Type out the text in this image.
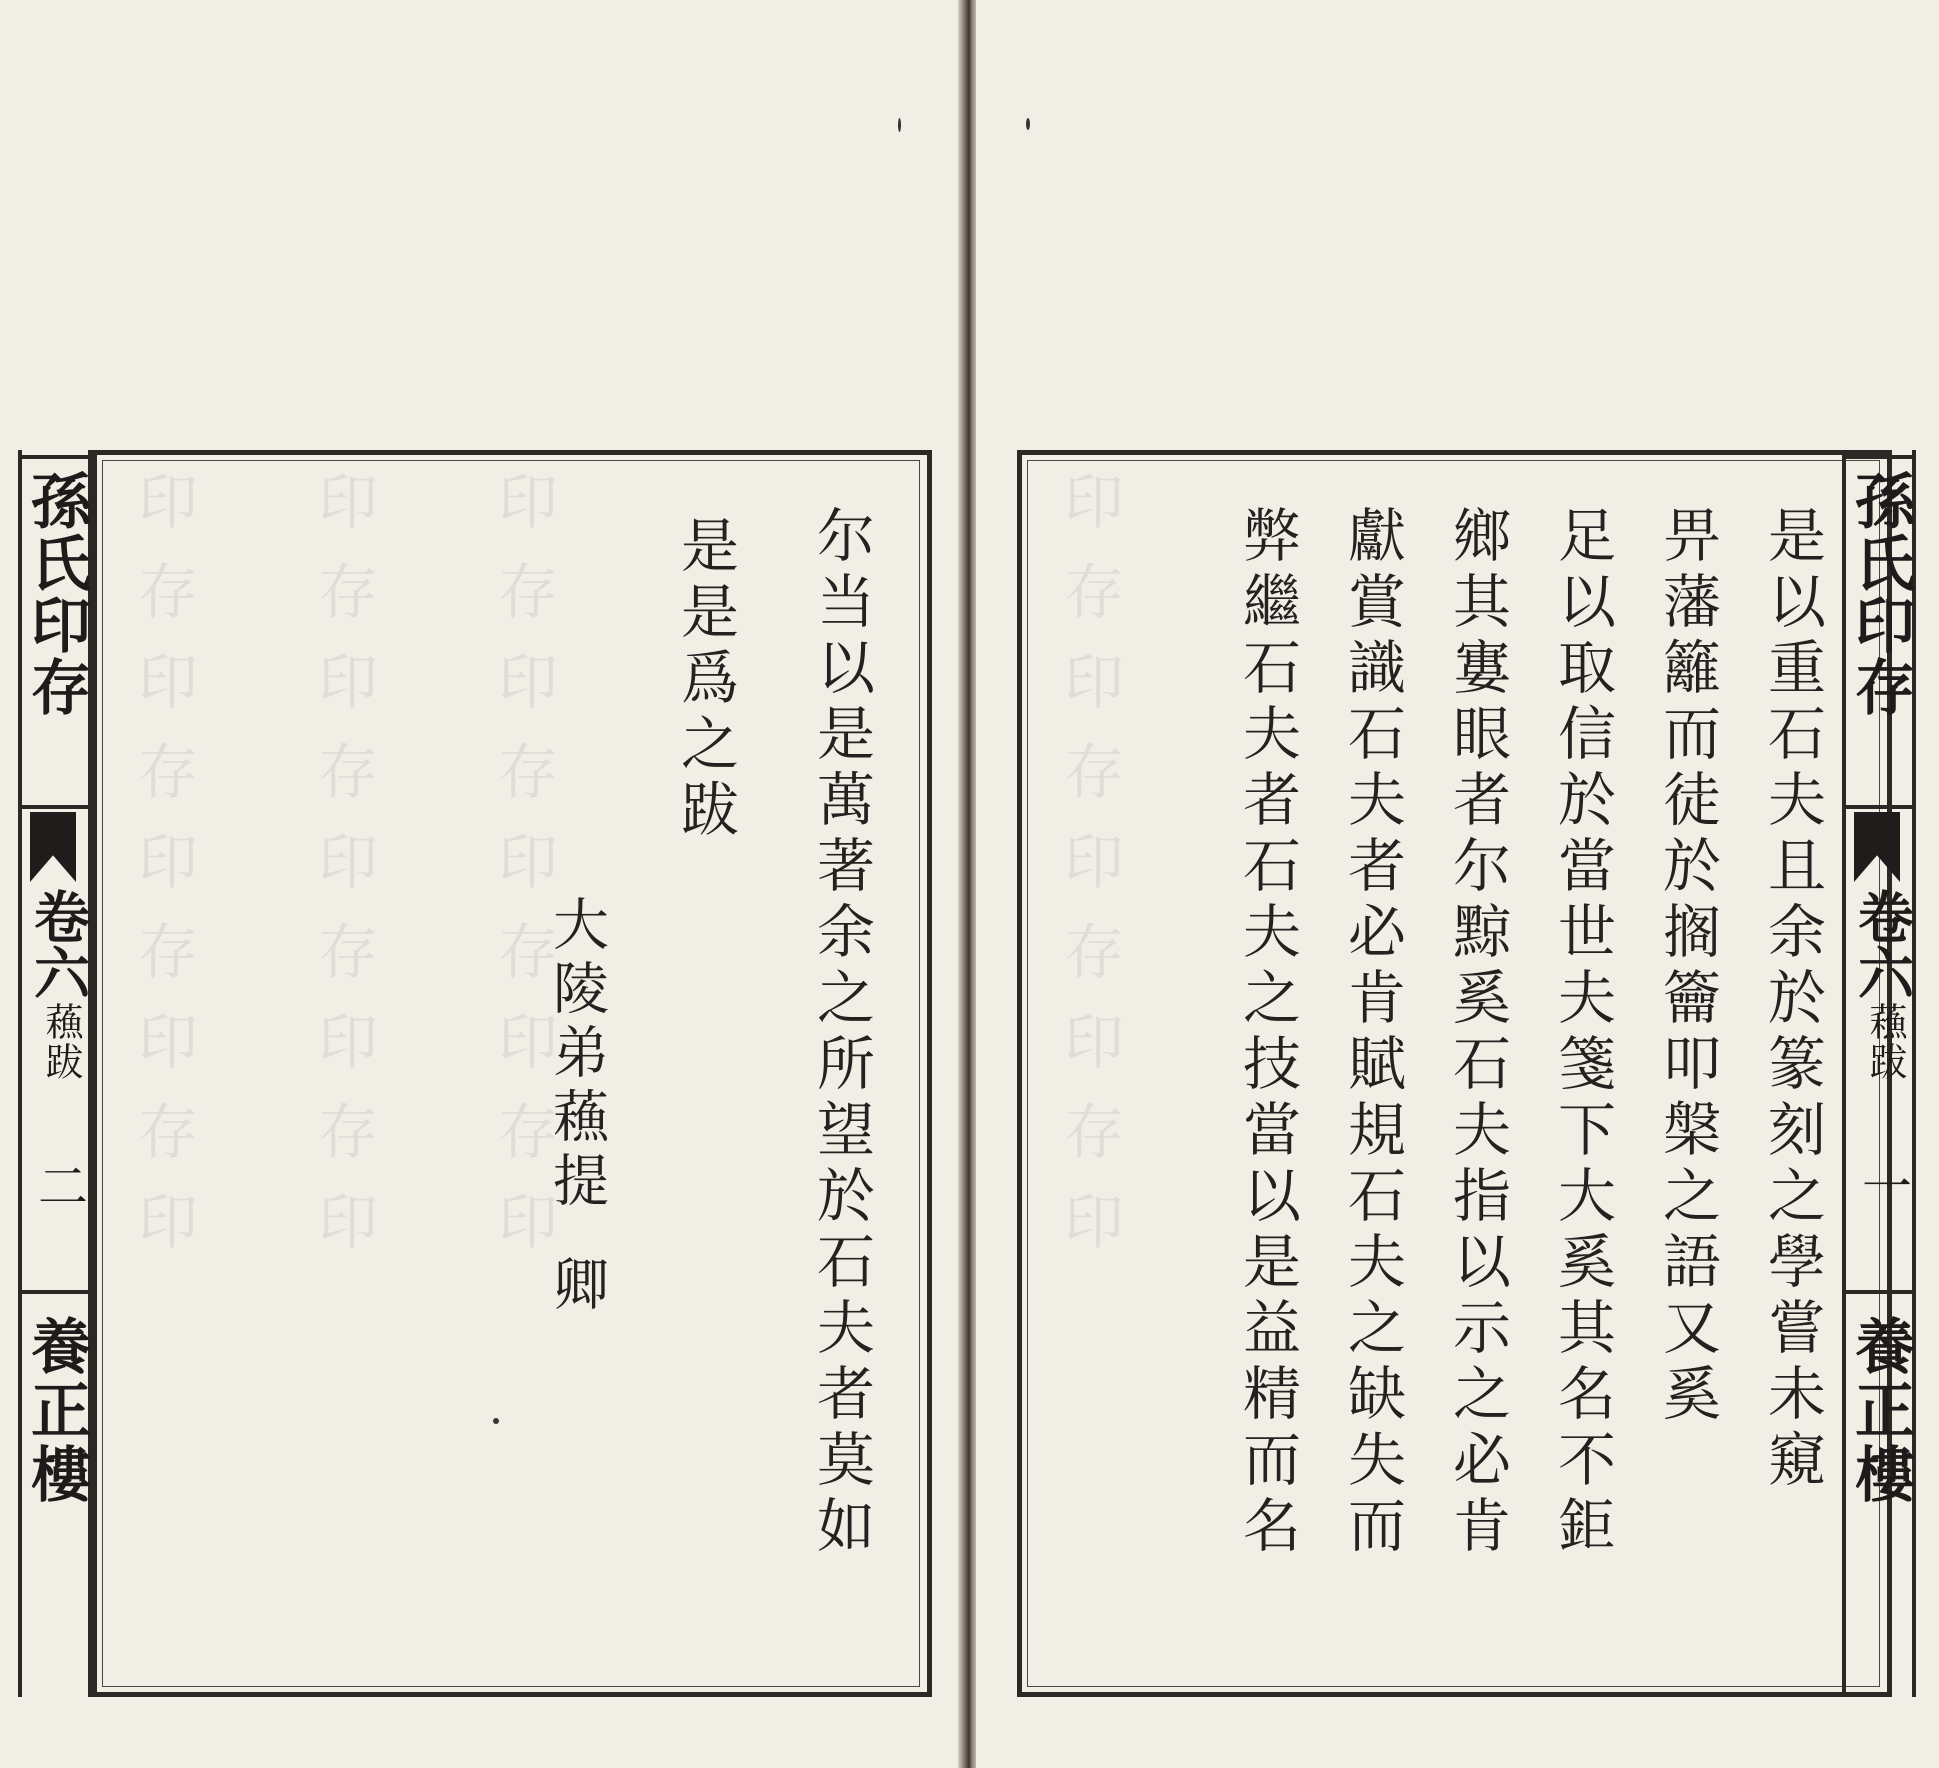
印存印存印存印存印 印存印存印存印存印 印存印存印存印存印	尔当以是萬著余之所望於石夫者莫如
是是爲之跋
大陵弟蘓提
卿
孫氏印存
卷六
蘓跋
二
養正樓
印存印存印存印存印	是以重石夫且余於篆刻之學嘗未窺
畀藩籬而徒於搁籥叩槃之語又奚
足以取信於當世夫箋下大奚其名不鉅
鄉其寠眼者尔黥奚石夫指以示之必肯
獻賞識石夫者必肯賦規石夫之缺失而
弊繼石夫者石夫之技當以是益精而名	孫氏印存
卷六
蘓跋
一
養正樓
